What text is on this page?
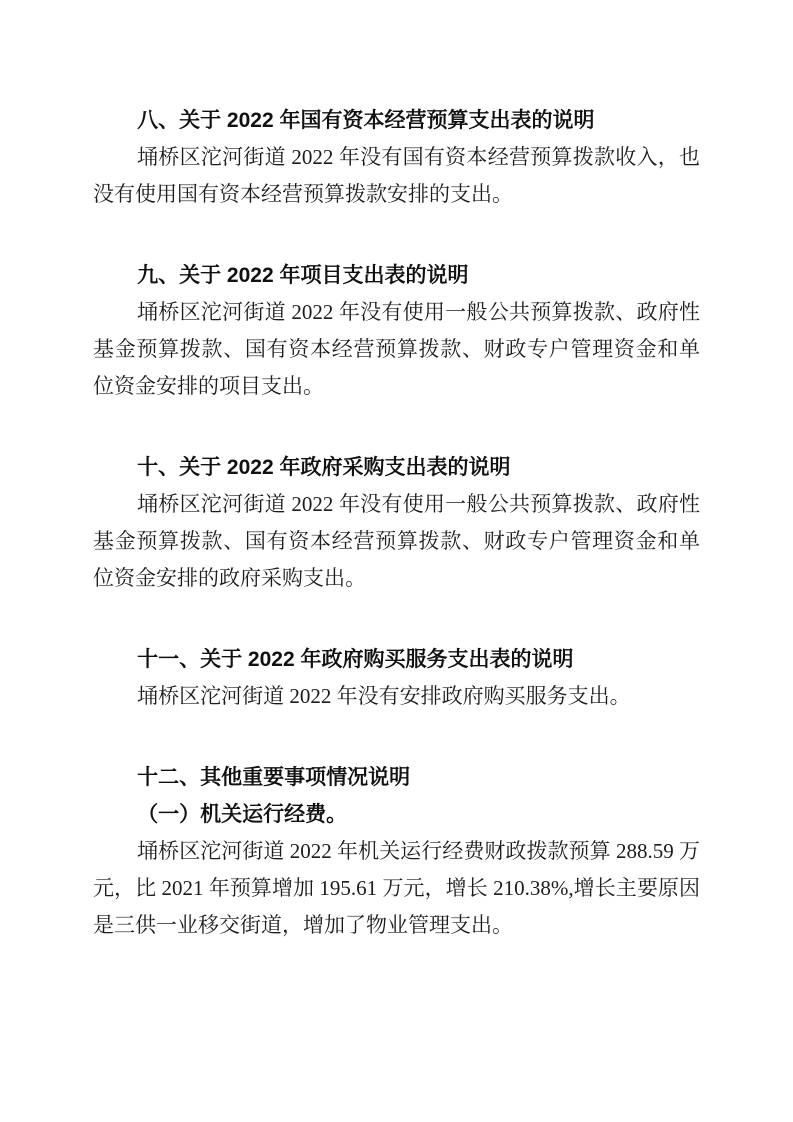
八、关于 2022 年国有资本经营预算支出表的说明

埇桥区沱河街道 2022 年没有国有资本经营预算拨款收入，也没有使用国有资本经营预算拨款安排的支出。

九、关于 2022 年项目支出表的说明

埇桥区沱河街道 2022 年没有使用一般公共预算拨款、政府性基金预算拨款、国有资本经营预算拨款、财政专户管理资金和单位资金安排的项目支出。

十、关于 2022 年政府采购支出表的说明

埇桥区沱河街道 2022 年没有使用一般公共预算拨款、政府性基金预算拨款、国有资本经营预算拨款、财政专户管理资金和单位资金安排的政府采购支出。

十一、关于 2022 年政府购买服务支出表的说明

埇桥区沱河街道 2022 年没有安排政府购买服务支出。

十二、其他重要事项情况说明
（一）机关运行经费。

埇桥区沱河街道 2022 年机关运行经费财政拨款预算 288.59 万元，比 2021 年预算增加 195.61 万元，增长 210.38%,增长主要原因是三供一业移交街道，增加了物业管理支出。
